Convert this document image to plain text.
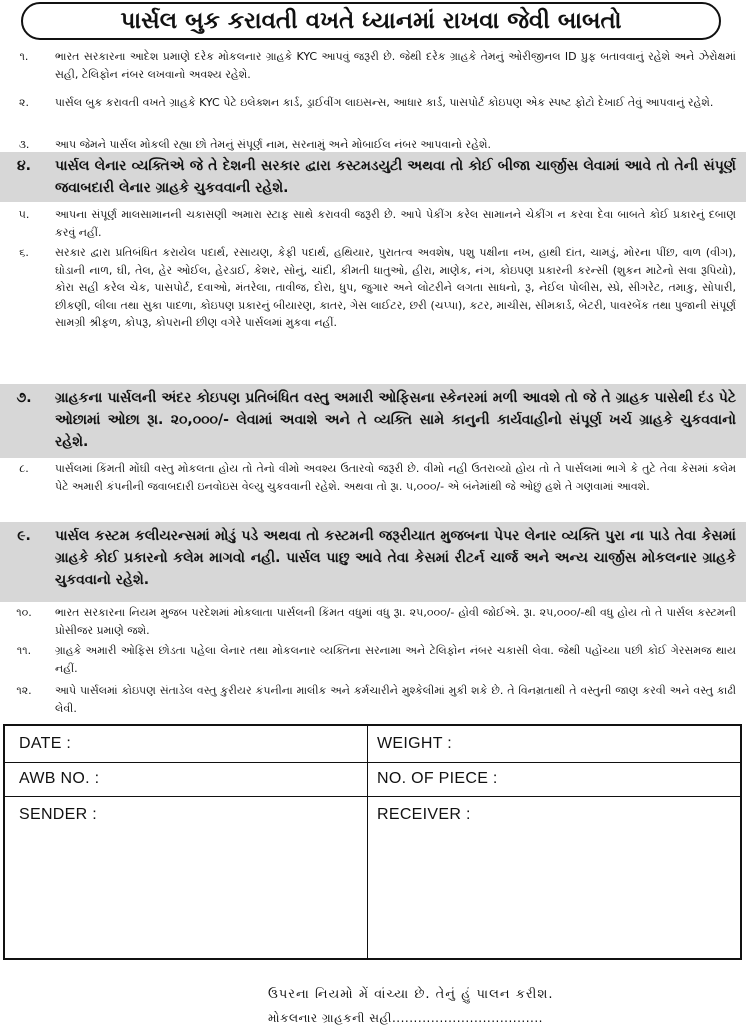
પાર્સલ બુક કરાવતી વખતે ધ્યાનમાં રાખવા જેવી બાબતો
૧.	ભારત સરકારના આદેશ પ્રમાણે દરેક મોકલનાર ગ્રાહકે KYC આપવું જરૂરી છે. જેથી દરેક ગ્રાહકે તેમનું ઓરીજીનલ ID પ્રુફ બતાવવાનું રહેશે અને ઝેરોક્ષમાં સહી, ટેલિફોન નંબર લખવાનો અવશ્ય રહેશે.
૨.	પાર્સલ બુક કરાવતી વખતે ગ્રાહકે KYC પેટે ઇલેક્શન કાર્ડ, ડ્રાઈવીંગ લાઇસન્સ, આધાર કાર્ડ, પાસપોર્ટ કોઇપણ એક સ્પષ્ટ ફોટો દેખાઈ તેવું આપવાનું રહેશે.
૩.	આપ જેમને પાર્સલ મોકલી રહ્યા છો તેમનું સંપૂર્ણ નામ, સરનામું અને મોબાઈલ નંબર આપવાનો રહેશે.
૪.	પાર્સલ લેનાર વ્યક્તિએ જે તે દેશની સરકાર દ્વારા કસ્ટમડયુટી અથવા તો કોઈ બીજા ચાર્જીસ લેવામાં આવે તો તેની સંપૂર્ણ જવાબદારી લેનાર ગ્રાહકે ચુકવવાની રહેશે.
૫.	આપના સંપૂર્ણ માલસામાનની ચકાસણી અમારા સ્ટાફ સાથે કરાવવી જરૂરી છે. આપે પેકીંગ કરેલ સામાનને ચેકીંગ ન કરવા દેવા બાબતે કોઈ પ્રકારનું દબાણ કરવું નહીં.
૬.	સરકાર દ્વારા પ્રતિબંધિત કરાયેલ પદાર્થ, રસાયણ, કેફી પદાર્થ, હથિયાર, પુરાતત્વ અવશેષ, પશુ પક્ષીના નખ, હાથી દાંત, ચામડું, મોરના પીંછ, વાળ (વીગ), ઘોડાની નાળ, ઘી, તેલ, હેર ઓઈલ, હેરડાઈ, કેશર, સોનું, ચાંદી, કીમતી ધાતુઓ, હીરા, માણેક, નંગ, કોઇપણ પ્રકારની કરન્સી (શુકન માટેનો સવા રૂપિયો), કોરા સહી કરેલ ચેક, પાસપોર્ટ, દવાઓ, મંતરેલા, તાવીજ, દોરા, ધુપ, જુગાર અને લોટરીને લગતા સાધનો, રૂ, નેઈલ પોલીસ, સ્પ્રે, સીગરેટ, તમાકુ, સોપારી, છીકણી, લીલા તથા સુકા પાદળા, કોઇપણ પ્રકારનું બીયારણ, કાતર, ગેસ લાઈટર, છરી (ચપ્પા), કટર, માચીસ, સીમકાર્ડ, બેટરી, પાવરબેંક તથા પુજાની સંપૂર્ણ સામગ્રી શ્રીફળ, કોપરૂ, કોપરાની છીણ વગેરે પાર્સલમાં મુકવા નહીં.
૭.	ગ્રાહકના પાર્સલની અંદર કોઇપણ પ્રતિબંધિત વસ્તુ અમારી ઓફિસના સ્કેનરમાં મળી આવશે તો જે તે ગ્રાહક પાસેથી દંડ પેટે ઓછામાં ઓછા રૂા. ૨૦,૦૦૦/- લેવામાં અવાશે અને તે વ્યક્તિ સામે કાનુની કાર્યવાહીનો સંપૂર્ણ ખર્ચ ગ્રાહકે ચુકવવાનો રહેશે.
૮.	પાર્સલમાં કિંમતી મોંઘી વસ્તુ મોકલતા હોય તો તેનો વીમો અવશ્ય ઉતારવો જરૂરી છે. વીમો નહી ઉતરાવ્યો હોય તો તે પાર્સલમાં ભાગે કે તુટે તેવા કેસમાં કલેમ પેટે અમારી કંપનીની જવાબદારી ઇનવોઇસ વેલ્યુ ચુકવવાની રહેશે. અથવા તો રૂા. ૫,૦૦૦/- એ બંનેમાંથી જે ઓછું હશે તે ગણવામાં આવશે.
૯.	પાર્સલ કસ્ટમ કલીયરન્સમાં મોડું પડે અથવા તો કસ્ટમની જરૂરીયાત મુજબના પેપર લેનાર વ્યક્તિ પુરા ના પાડે તેવા કેસમાં ગ્રાહકે કોઈ પ્રકારનો કલેમ માગવો નહી. પાર્સલ પાછુ આવે તેવા કેસમાં રીટર્ન ચાર્જ અને અન્ય ચાર્જીસ મોકલનાર ગ્રાહકે ચુકવવાનો રહેશે.
૧૦.	ભારત સરકારના નિયમ મુજબ પરદેશમાં મોકલાતા પાર્સલની કિંમત વધુમાં વધુ રૂા. ૨૫,૦૦૦/- હોવી જોઈએ. રૂા. ૨૫,૦૦૦/-થી વધુ હોય તો તે પાર્સલ કસ્ટમની પ્રોસીજર પ્રમાણે જશે.
૧૧.	ગ્રાહકે અમારી ઓફિસ છોડતા પહેલા લેનાર તથા મોકલનાર વ્યક્તિના સરનામા અને ટેલિફોન નંબર ચકાસી લેવા. જેથી પહોંચ્યા પછી કોઈ ગેરસમજ થાય નહીં.
૧૨.	આપે પાર્સલમાં કોઇપણ સંતાડેલ વસ્તુ કુરીયર કંપનીના માલીક અને કર્મચારીને મુશ્કેલીમાં મુકી શકે છે. તે વિનમ્રતાથી તે વસ્તુની જાણ કરવી અને વસ્તુ કાઢી લેવી.
DATE :	WEIGHT :
AWB NO. :	NO. OF PIECE :
SENDER :	RECEIVER :
ઉપરના નિયમો મેં વાંચ્યા છે. તેનું હું પાલન કરીશ.
મોકલનાર ગ્રાહકની સહી...................................
